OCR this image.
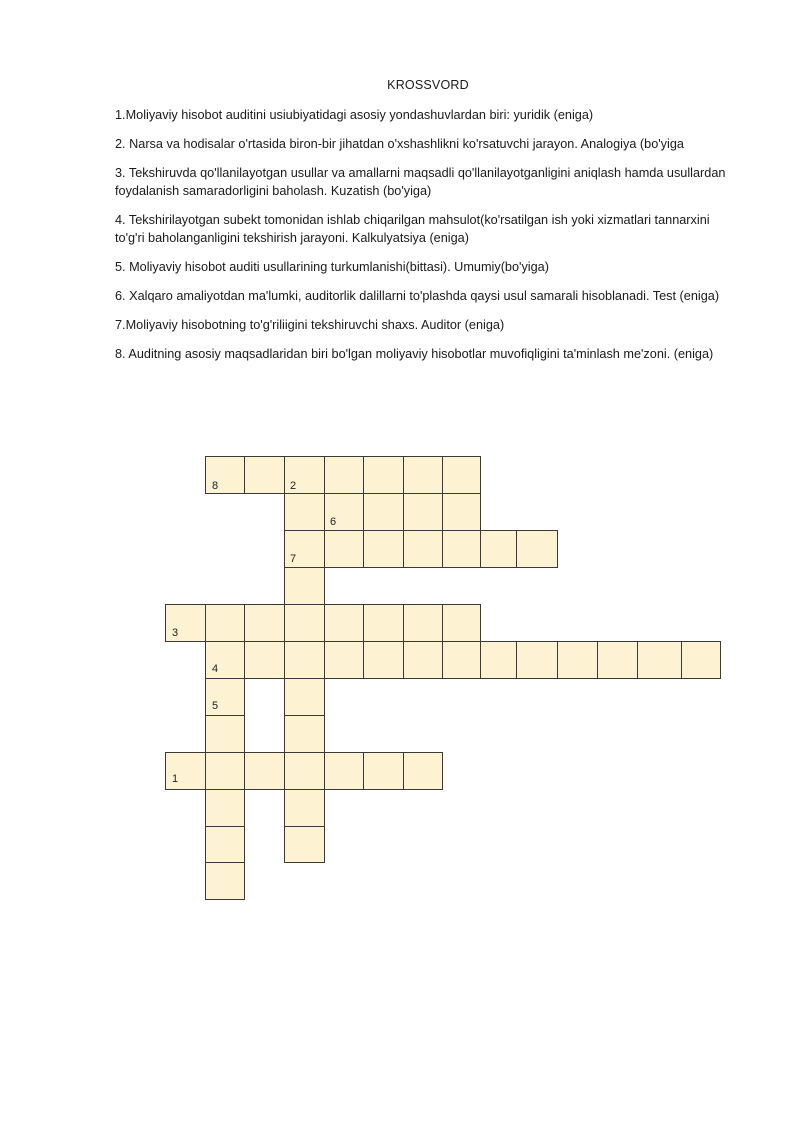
KROSSVORD

1.Moliyaviy hisobot auditini usiubiyatidagi asosiy yondashuvlardan biri: yuridik (eniga)

2. Narsa va hodisalar o'rtasida biron-bir jihatdan o'xshashlikni ko'rsatuvchi jarayon. Analogiya (bo'yiga

3. Tekshiruvda qo'llanilayotgan usullar va amallarni maqsadli qo'llanilayotganligini aniqlash hamda usullardan foydalanish samaradorligini baholash. Kuzatish (bo'yiga)

4. Tekshirilayotgan subekt tomonidan ishlab chiqarilgan mahsulot(ko'rsatilgan ish yoki xizmatlari tannarxini to'g'ri baholanganligini tekshirish jarayoni. Kalkulyatsiya (eniga)

5. Moliyaviy hisobot auditi usullarining turkumlanishi(bittasi). Umumiy(bo'yiga)

6. Xalqaro amaliyotdan ma'lumki, auditorlik dalillarni to'plashda qaysi usul samarali hisoblanadi. Test (eniga)

7.Moliyaviy hisobotning to'g'riliigini tekshiruvchi shaxs. Auditor (eniga)

8. Auditning asosiy maqsadlaridan biri bo'lgan moliyaviy hisobotlar muvofiqligini ta'minlash me'zoni. (eniga)

8	2
6
7
3
4
5
1
